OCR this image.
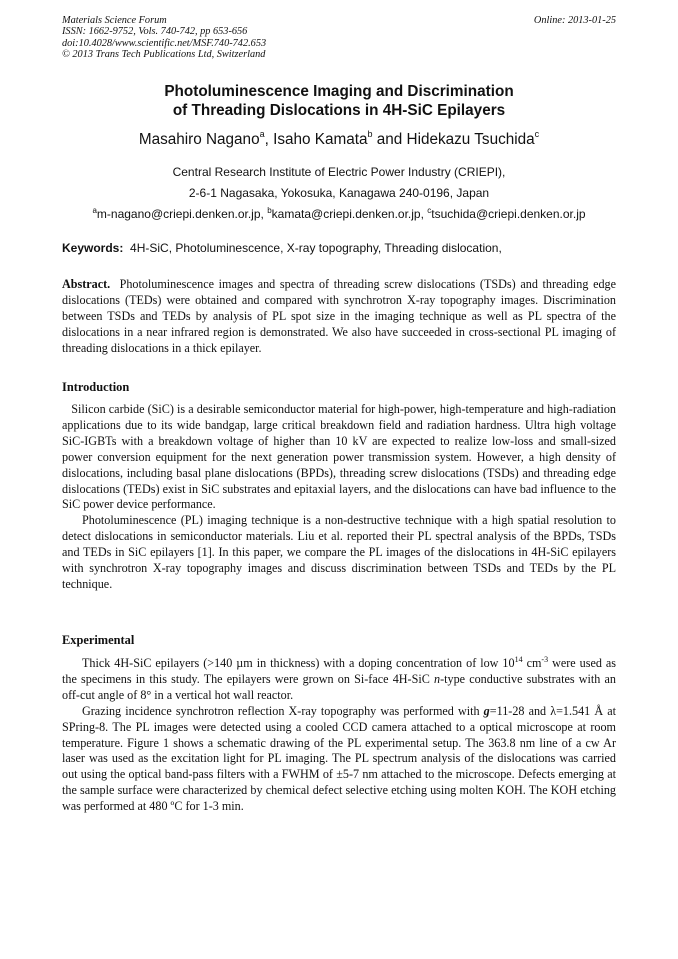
Materials Science Forum
ISSN: 1662-9752, Vols. 740-742, pp 653-656
doi:10.4028/www.scientific.net/MSF.740-742.653
© 2013 Trans Tech Publications Ltd, Switzerland
Online: 2013-01-25
Photoluminescence Imaging and Discrimination
of Threading Dislocations in 4H-SiC Epilayers
Masahiro Nagano$^a$, Isaho Kamata$^b$ and Hidekazu Tsuchida$^c$
Central Research Institute of Electric Power Industry (CRIEPI),
2-6-1 Nagasaka, Yokosuka, Kanagawa 240-0196, Japan
$^a$m-nagano@criepi.denken.or.jp, $^b$kamata@criepi.denken.or.jp, $^c$tsuchida@criepi.denken.or.jp
Keywords: 4H-SiC, Photoluminescence, X-ray topography, Threading dislocation,

Abstract. Photoluminescence images and spectra of threading screw dislocations (TSDs) and threading edge dislocations (TEDs) were obtained and compared with synchrotron X-ray topography images. Discrimination between TSDs and TEDs by analysis of PL spot size in the imaging technique as well as PL spectra of the dislocations in a near infrared region is demonstrated. We also have succeeded in cross-sectional PL imaging of threading dislocations in a thick epilayer.

Introduction

Silicon carbide (SiC) is a desirable semiconductor material for high-power, high-temperature and high-radiation applications due to its wide bandgap, large critical breakdown field and radiation hardness. Ultra high voltage SiC-IGBTs with a breakdown voltage of higher than 10 kV are expected to realize low-loss and small-sized power conversion equipment for the next generation power transmission system. However, a high density of dislocations, including basal plane dislocations (BPDs), threading screw dislocations (TSDs) and threading edge dislocations (TEDs) exist in SiC substrates and epitaxial layers, and the dislocations can have bad influence to the SiC power device performance.

Photoluminescence (PL) imaging technique is a non-destructive technique with a high spatial resolution to detect dislocations in semiconductor materials. Liu et al. reported their PL spectral analysis of the BPDs, TSDs and TEDs in SiC epilayers [1]. In this paper, we compare the PL images of the dislocations in 4H-SiC epilayers with synchrotron X-ray topography images and discuss discrimination between TSDs and TEDs by the PL technique.

Experimental

Thick 4H-SiC epilayers (>140 µm in thickness) with a doping concentration of low $10^{14}$ $cm^{-3}$ were used as the specimens in this study. The epilayers were grown on Si-face 4H-SiC n-type conductive substrates with an off-cut angle of 8° in a vertical hot wall reactor.

Grazing incidence synchrotron reflection X-ray topography was performed with g=11-28 and λ=1.541 Å at SPring-8. The PL images were detected using a cooled CCD camera attached to a optical microscope at room temperature. Figure 1 shows a schematic drawing of the PL experimental setup. The 363.8 nm line of a cw Ar laser was used as the excitation light for PL imaging. The PL spectrum analysis of the dislocations was carried out using the optical band-pass filters with a FWHM of ±5-7 nm attached to the microscope. Defects emerging at the sample surface were characterized by chemical defect selective etching using molten KOH. The KOH etching was performed at 480 ºC for 1-3 min.
